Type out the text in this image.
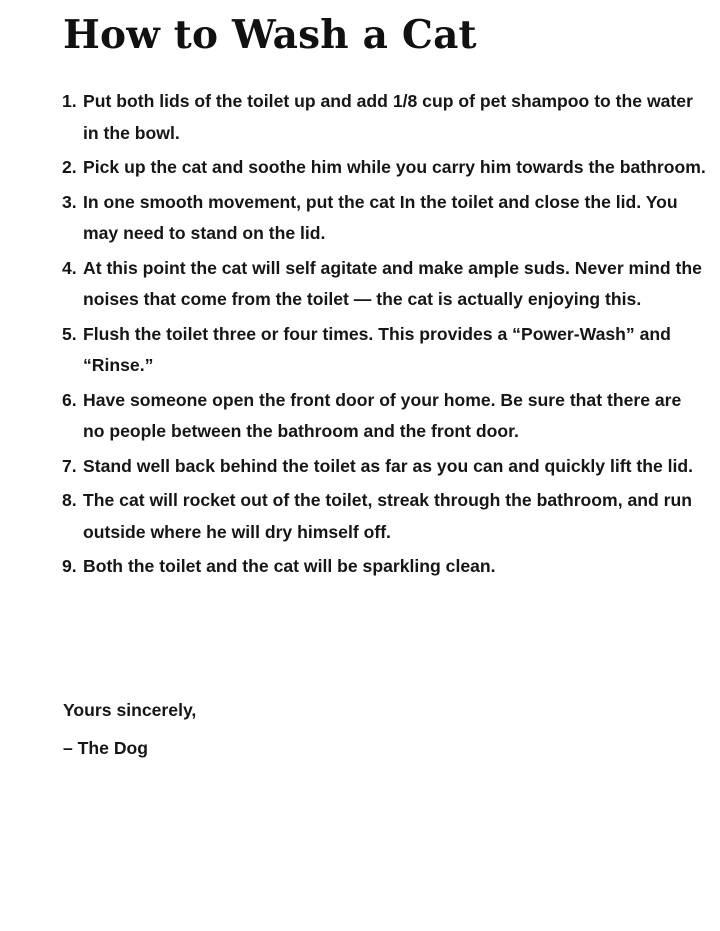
How to Wash a Cat
1. Put both lids of the toilet up and add 1/8 cup of pet shampoo to the water in the bowl.
2. Pick up the cat and soothe him while you carry him towards the bathroom.
3. In one smooth movement, put the cat In the toilet and close the lid. You may need to stand on the lid.
4. At this point the cat will self agitate and make ample suds. Never mind the noises that come from the toilet — the cat is actually enjoying this.
5. Flush the toilet three or four times. This provides a “Power-Wash” and “Rinse.”
6. Have someone open the front door of your home. Be sure that there are no people between the bathroom and the front door.
7. Stand well back behind the toilet as far as you can and quickly lift the lid.
8. The cat will rocket out of the toilet, streak through the bathroom, and run outside where he will dry himself off.
9. Both the toilet and the cat will be sparkling clean.

Yours sincerely,

– The Dog
